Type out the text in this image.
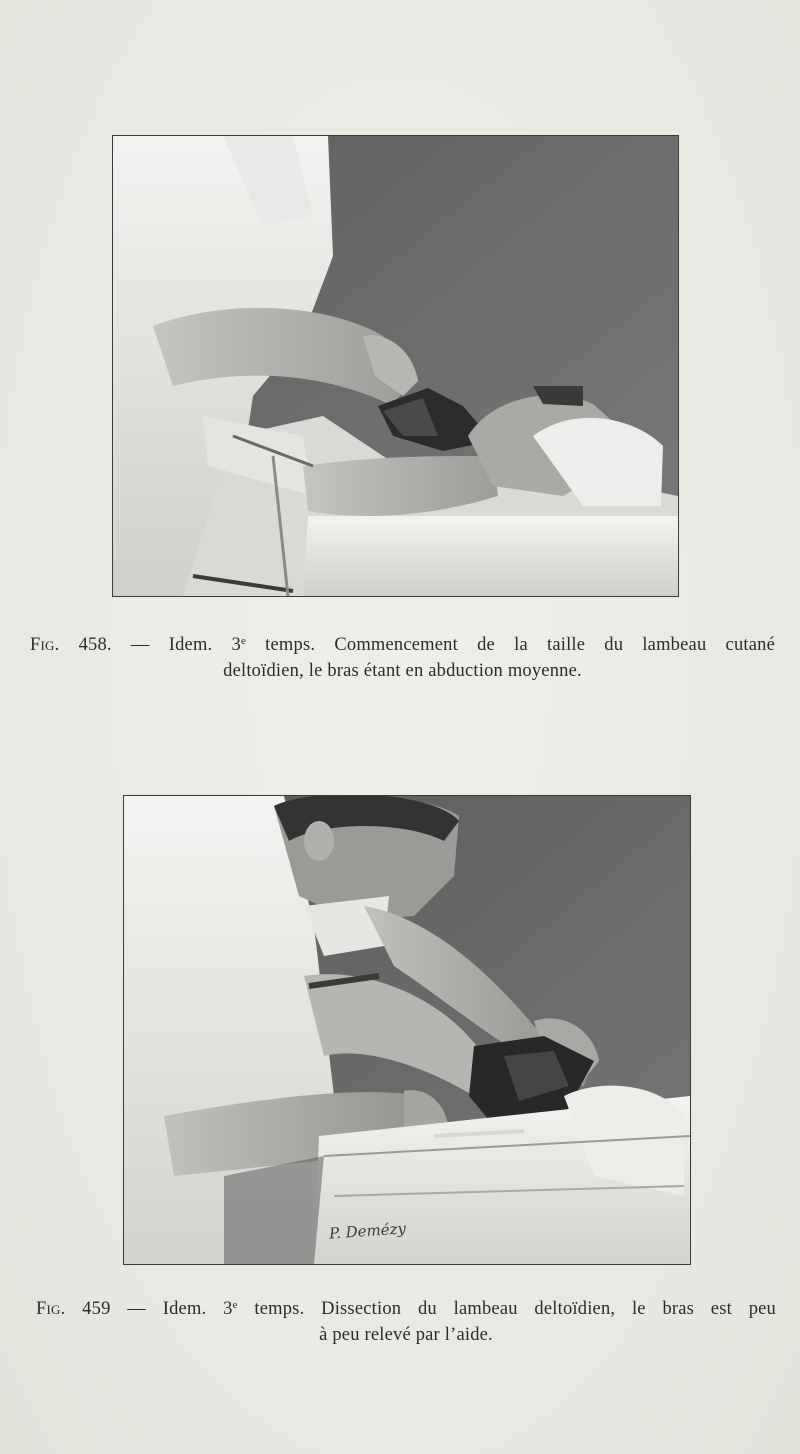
Fig. 458. — Idem. 3e temps. Commencement de la taille du lambeau cutané
deltoïdien, le bras étant en abduction moyenne.
P. Demézy
Fig. 459 — Idem. 3e temps. Dissection du lambeau deltoïdien, le bras est peu
à peu relevé par l’aide.
